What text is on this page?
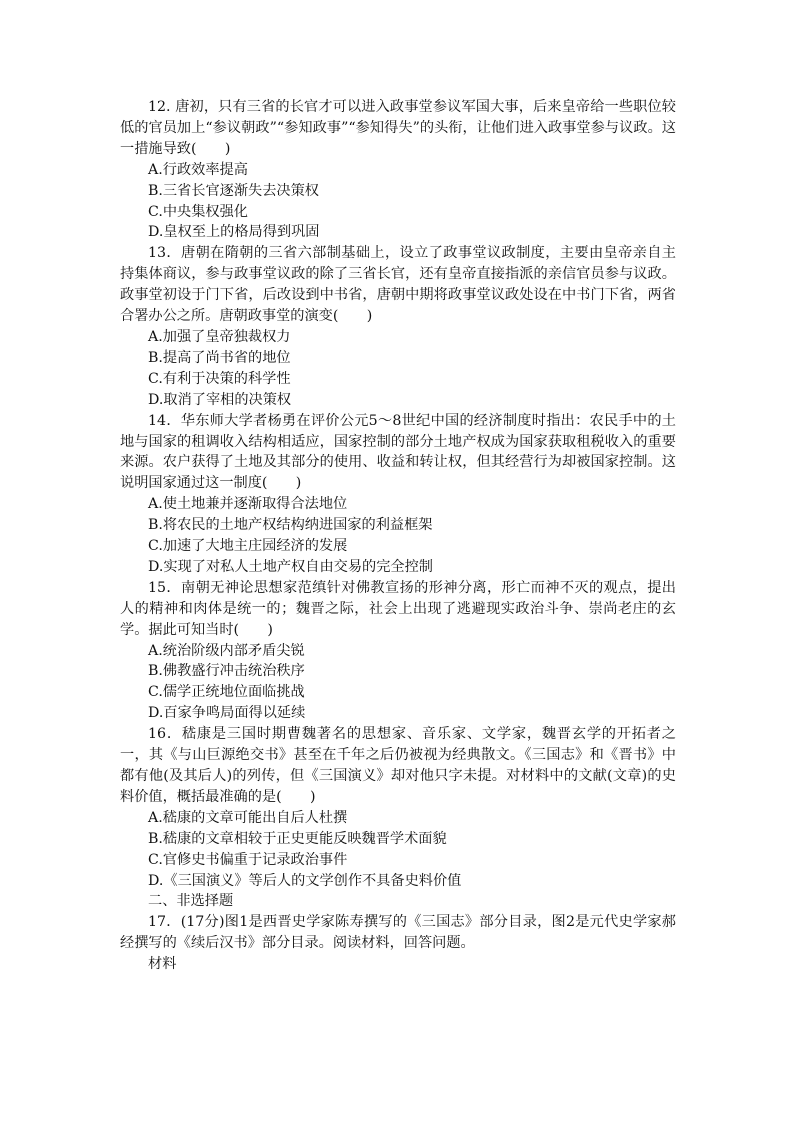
12. 唐初，只有三省的长官才可以进入政事堂参议军国大事，后来皇帝给一些职位较低的官员加上“参议朝政”“参知政事”“参知得失”的头衔，让他们进入政事堂参与议政。这一措施导致(　　)

A.行政效率提高

B.三省长官逐渐失去决策权

C.中央集权强化

D.皇权至上的格局得到巩固

13．唐朝在隋朝的三省六部制基础上，设立了政事堂议政制度，主要由皇帝亲自主持集体商议，参与政事堂议政的除了三省长官，还有皇帝直接指派的亲信官员参与议政。政事堂初设于门下省，后改设到中书省，唐朝中期将政事堂议政处设在中书门下省，两省合署办公之所。唐朝政事堂的演变(　　)

A.加强了皇帝独裁权力

B.提高了尚书省的地位

C.有利于决策的科学性

D.取消了宰相的决策权

14．华东师大学者杨勇在评价公元5～8世纪中国的经济制度时指出：农民手中的土地与国家的租调收入结构相适应，国家控制的部分土地产权成为国家获取租税收入的重要来源。农户获得了土地及其部分的使用、收益和转让权，但其经营行为却被国家控制。这说明国家通过这一制度(　　)

A.使土地兼并逐渐取得合法地位

B.将农民的土地产权结构纳进国家的利益框架

C.加速了大地主庄园经济的发展

D.实现了对私人土地产权自由交易的完全控制

15．南朝无神论思想家范缜针对佛教宣扬的形神分离，形亡而神不灭的观点，提出人的精神和肉体是统一的；魏晋之际，社会上出现了逃避现实政治斗争、崇尚老庄的玄学。据此可知当时(　　)

A.统治阶级内部矛盾尖锐

B.佛教盛行冲击统治秩序

C.儒学正统地位面临挑战

D.百家争鸣局面得以延续

16．嵇康是三国时期曹魏著名的思想家、音乐家、文学家，魏晋玄学的开拓者之一，其《与山巨源绝交书》甚至在千年之后仍被视为经典散文。《三国志》和《晋书》中都有他(及其后人)的列传，但《三国演义》却对他只字未提。对材料中的文献(文章)的史料价值，概括最准确的是(　　)

A.嵇康的文章可能出自后人杜撰

B.嵇康的文章相较于正史更能反映魏晋学术面貌

C.官修史书偏重于记录政治事件

D.《三国演义》等后人的文学创作不具备史料价值

二、非选择题

17．(17分)图1是西晋史学家陈寿撰写的《三国志》部分目录，图2是元代史学家郝经撰写的《续后汉书》部分目录。阅读材料，回答问题。

材料
